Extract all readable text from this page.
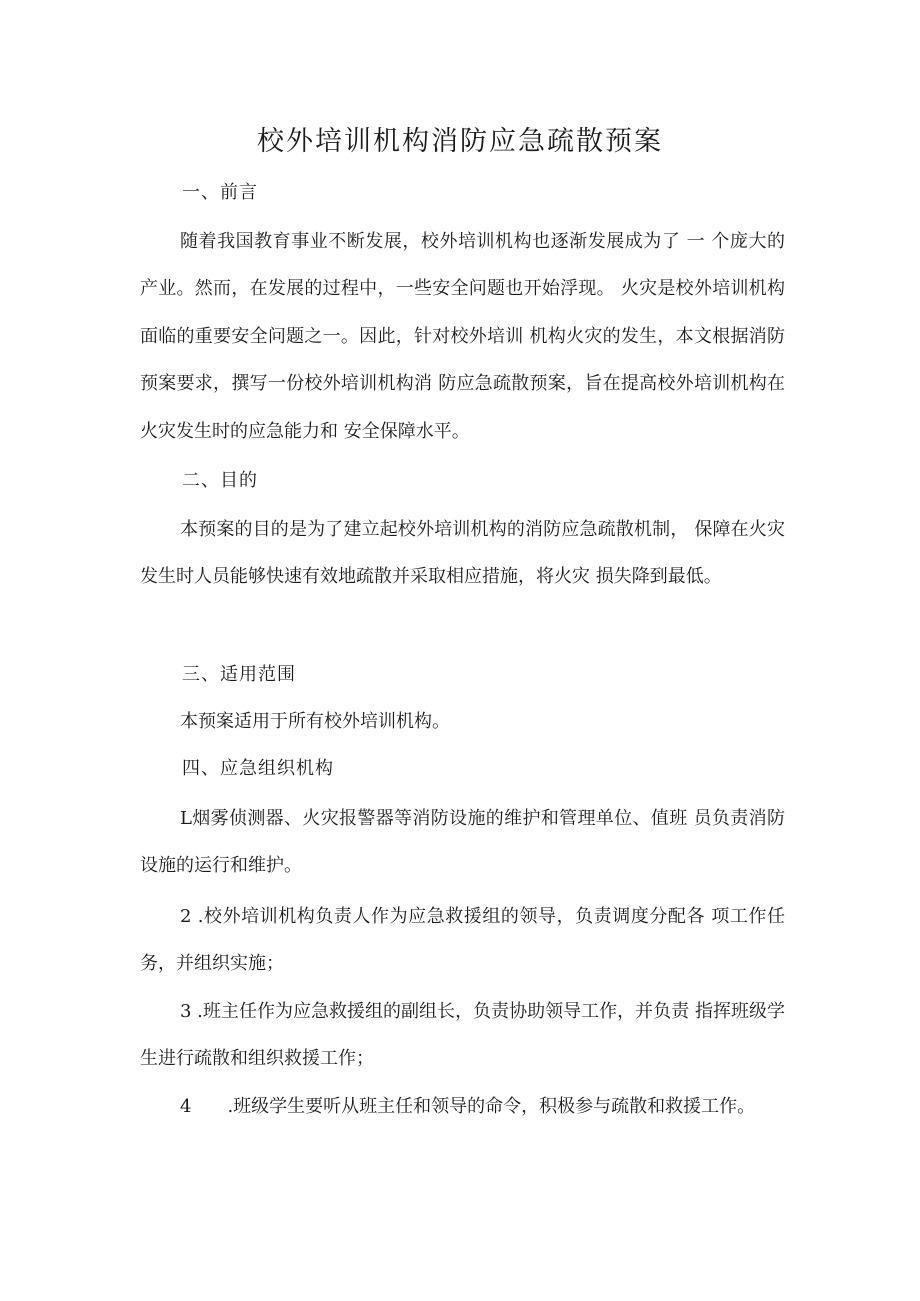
校外培训机构消防应急疏散预案
一、前言
随着我国教育事业不断发展，校外培训机构也逐渐发展成为了 一 个庞大的产业。然而，在发展的过程中，一些安全问题也开始浮现。 火灾是校外培训机构面临的重要安全问题之一。因此，针对校外培训 机构火灾的发生，本文根据消防预案要求，撰写一份校外培训机构消 防应急疏散预案，旨在提高校外培训机构在火灾发生时的应急能力和 安全保障水平。
二、目的
本预案的目的是为了建立起校外培训机构的消防应急疏散机制， 保障在火灾发生时人员能够快速有效地疏散并采取相应措施，将火灾 损失降到最低。
三、适用范围
本预案适用于所有校外培训机构。
四、应急组织机构
L烟雾侦测器、火灾报警器等消防设施的维护和管理单位、值班 员负责消防设施的运行和维护。
2 .校外培训机构负责人作为应急救援组的领导，负责调度分配各 项工作任务，并组织实施；
3 .班主任作为应急救援组的副组长，负责协助领导工作，并负责 指挥班级学生进行疏散和组织救援工作；
4　　.班级学生要听从班主任和领导的命令，积极参与疏散和救援工作。
